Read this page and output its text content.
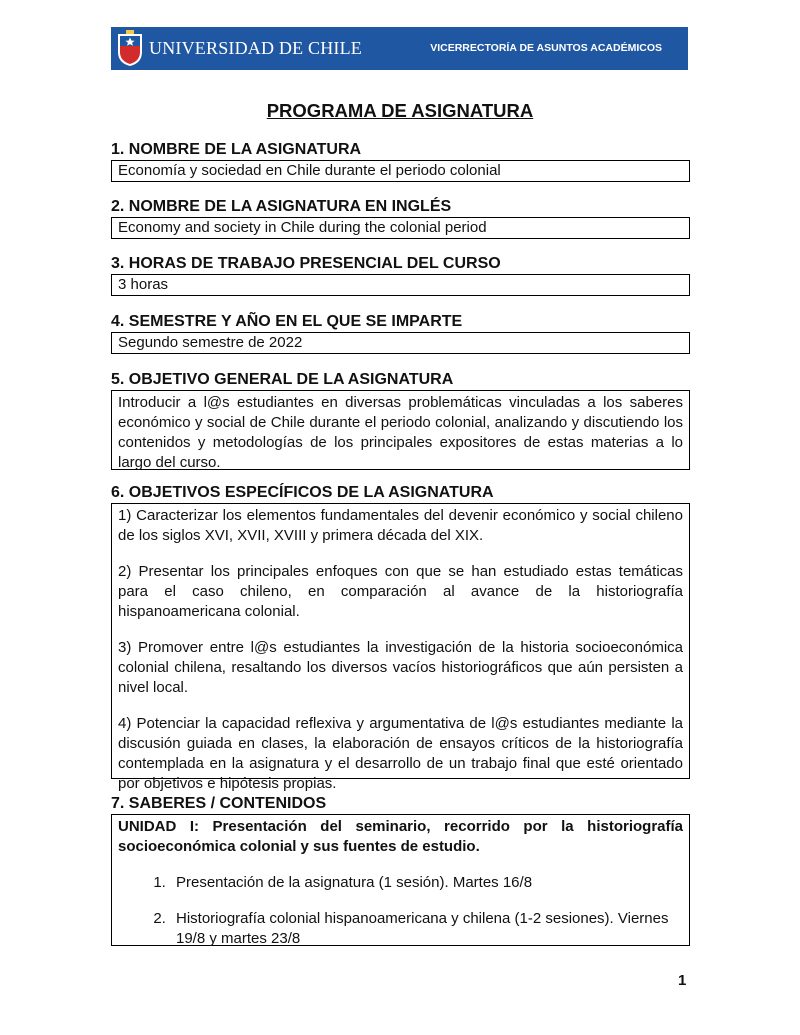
UNIVERSIDAD DE CHILE	VICERRECTORÍA DE ASUNTOS ACADÉMICOS
PROGRAMA DE ASIGNATURA
1. NOMBRE DE LA ASIGNATURA

Economía y sociedad en Chile durante el periodo colonial

2. NOMBRE DE LA ASIGNATURA EN INGLÉS

Economy and society in Chile during the colonial period

3. HORAS DE TRABAJO PRESENCIAL DEL CURSO

3 horas

4. SEMESTRE Y AÑO EN EL QUE SE IMPARTE

Segundo semestre de 2022

5. OBJETIVO GENERAL DE LA ASIGNATURA

Introducir a l@s estudiantes en diversas problemáticas vinculadas a los saberes económico y social de Chile durante el periodo colonial, analizando y discutiendo los contenidos y metodologías de los principales expositores de estas materias a lo largo del curso.

6. OBJETIVOS ESPECÍFICOS DE LA ASIGNATURA

1) Caracterizar los elementos fundamentales del devenir económico y social chileno de los siglos XVI, XVII, XVIII y primera década del XIX.

2) Presentar los principales enfoques con que se han estudiado estas temáticas para el caso chileno, en comparación al avance de la historiografía hispanoamericana colonial.

3) Promover entre l@s estudiantes la investigación de la historia socioeconómica colonial chilena, resaltando los diversos vacíos historiográficos que aún persisten a nivel local.

4) Potenciar la capacidad reflexiva y argumentativa de l@s estudiantes mediante la discusión guiada en clases, la elaboración de ensayos críticos de la historiografía contemplada en la asignatura y el desarrollo de un trabajo final que esté orientado por objetivos e hipótesis propias.

7. SABERES / CONTENIDOS

UNIDAD I: Presentación del seminario, recorrido por la historiografía socioeconómica colonial y sus fuentes de estudio.

1. Presentación de la asignatura (1 sesión). Martes 16/8
2. Historiografía colonial hispanoamericana y chilena (1-2 sesiones). Viernes 19/8 y martes 23/8
1
